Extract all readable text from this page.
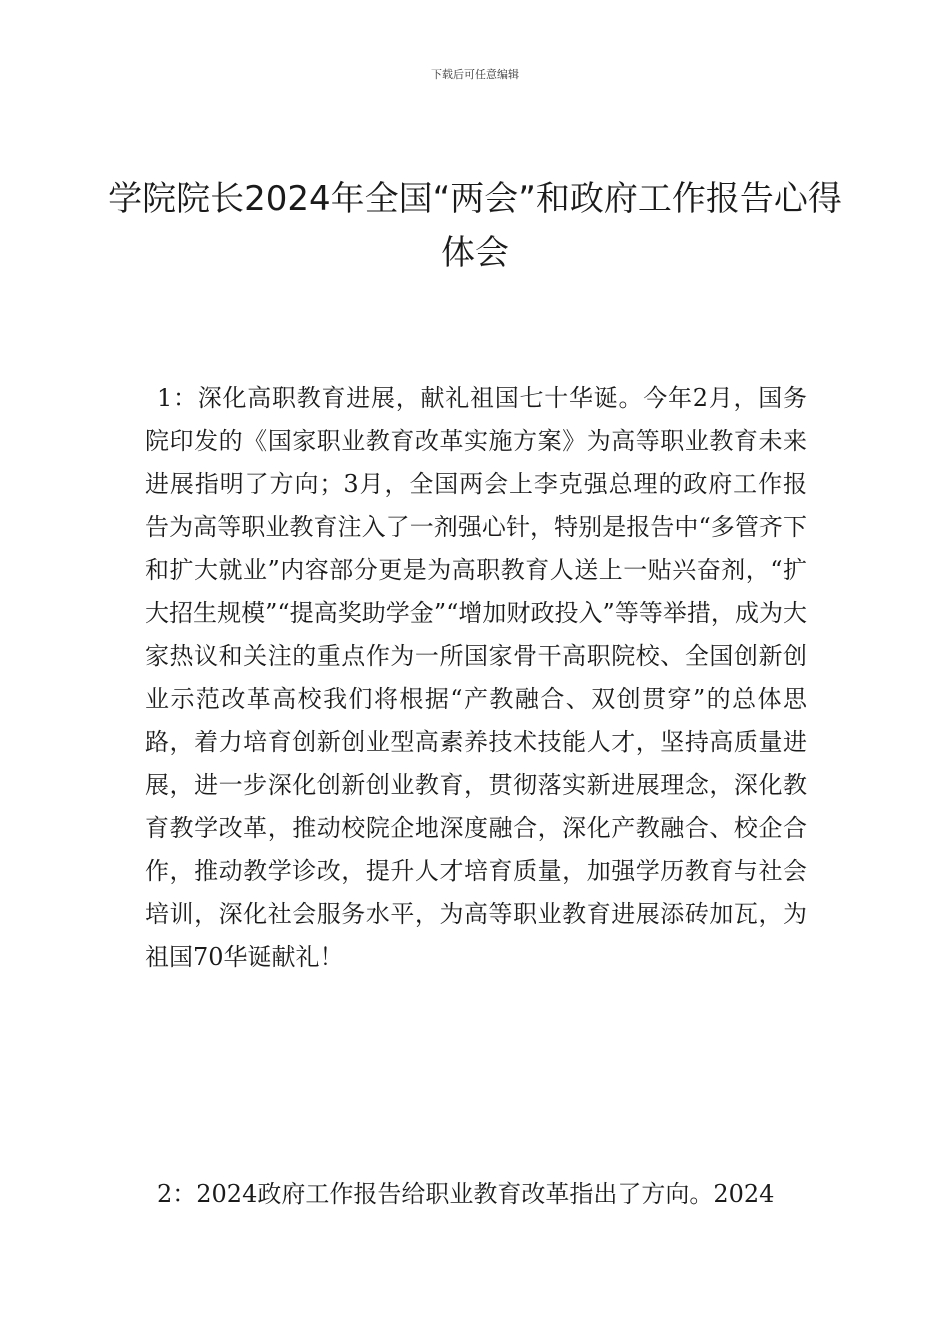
下载后可任意编辑
学院院长2024年全国“两会”和政府工作报告心得体会

1：深化高职教育进展，献礼祖国七十华诞。今年2月，国务院印发的《国家职业教育改革实施方案》为高等职业教育未来进展指明了方向；3月，全国两会上李克强总理的政府工作报告为高等职业教育注入了一剂强心针，特别是报告中“多管齐下和扩大就业”内容部分更是为高职教育人送上一贴兴奋剂，“扩大招生规模”“提高奖助学金”“增加财政投入”等等举措，成为大家热议和关注的重点作为一所国家骨干高职院校、全国创新创业示范改革高校我们将根据“产教融合、双创贯穿”的总体思路，着力培育创新创业型高素养技术技能人才，坚持高质量进展，进一步深化创新创业教育，贯彻落实新进展理念，深化教育教学改革，推动校院企地深度融合，深化产教融合、校企合作，推动教学诊改，提升人才培育质量，加强学历教育与社会培训，深化社会服务水平，为高等职业教育进展添砖加瓦，为祖国70华诞献礼！

2：2024政府工作报告给职业教育改革指出了方向。2024
